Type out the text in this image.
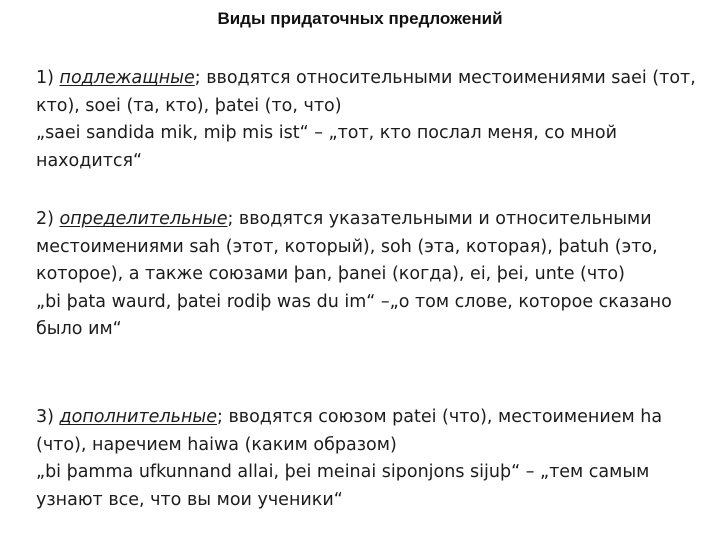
Виды придаточных предложений

1) подлежащные; вводятся относительными местоимениями saei (тот, кто), soei (та, кто), þatei (то, что)

„saei sandida mik, miþ mis ist“ – „тот, кто послал меня, со мной находится“

2) определительные; вводятся указательными и относительными местоимениями sah (этот, который), soh (эта, которая), þatuh (это, которое), а также союзами þan, þanei (когда), ei, þei, unte (что)

„bi þata waurd, þatei rodiþ was du im“ –„о том слове, которое сказано было им“

3) дополнительные; вводятся союзом patei (что), местоимением ha (что), наречием haiwa (каким образом)

„bi þamma ufkunnand allai, þei meinai siponjons sijuþ“ – „тем самым узнают все, что вы мои ученики“
